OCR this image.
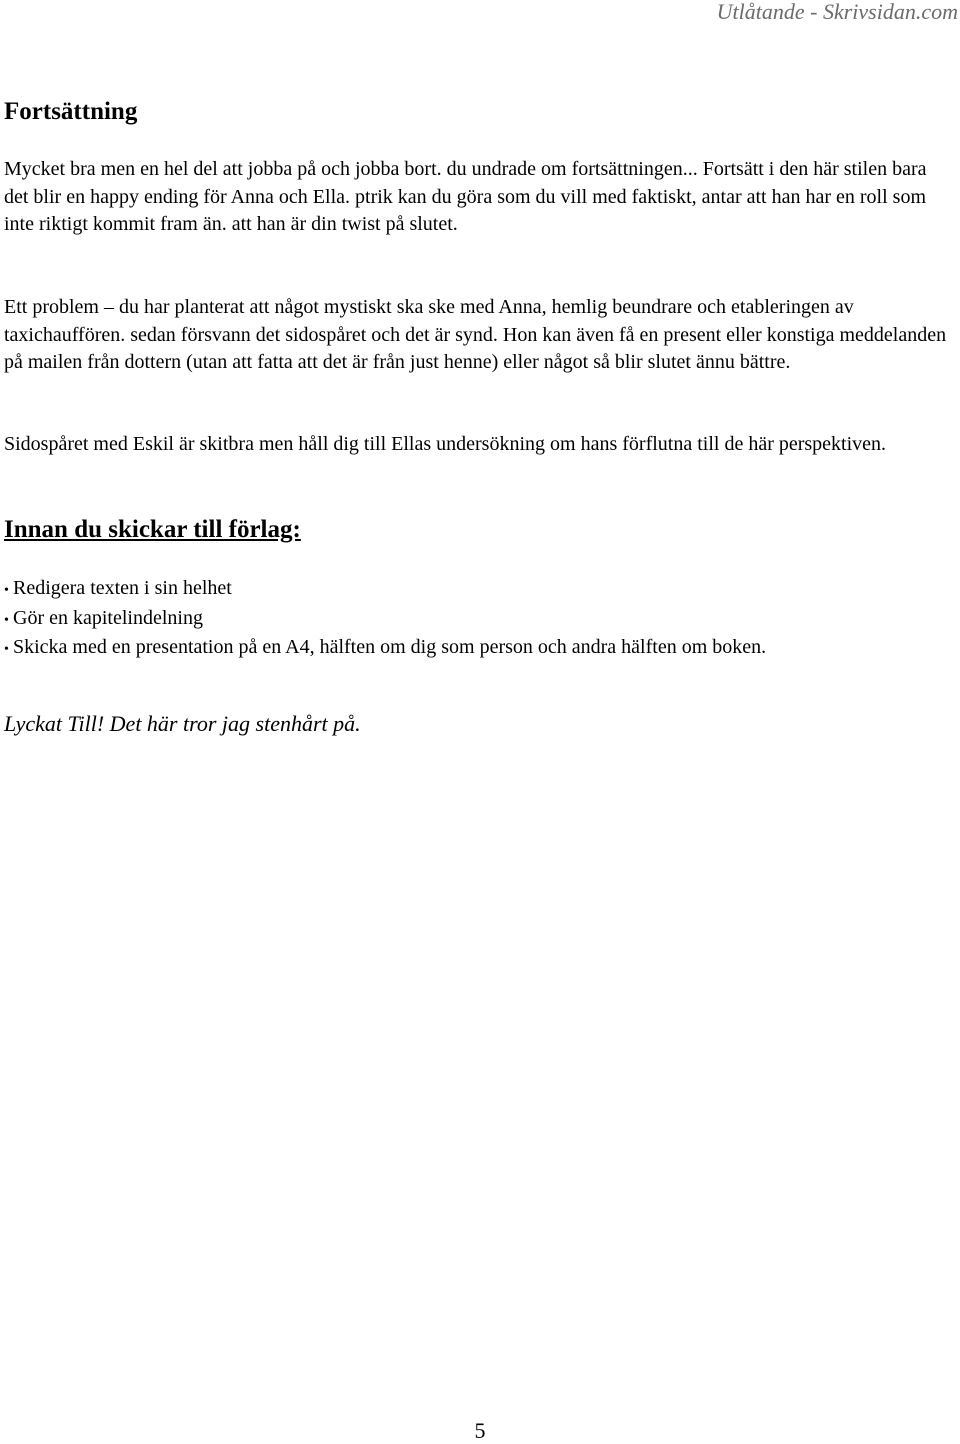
Utlåtande - Skrivsidan.com
Fortsättning

Mycket bra men en hel del att jobba på och jobba bort. du undrade om fortsättningen... Fortsätt i den här stilen bara det blir en happy ending för Anna och Ella. ptrik kan du göra som du vill med faktiskt, antar att han har en roll som inte riktigt kommit fram än. att han är din twist på slutet.

Ett problem – du har planterat att något mystiskt ska ske med Anna, hemlig beundrare och etableringen av taxichauffören. sedan försvann det sidospåret och det är synd. Hon kan även få en present eller konstiga meddelanden på mailen från dottern (utan att fatta att det är från just henne) eller något så blir slutet ännu bättre.

Sidospåret med Eskil är skitbra men håll dig till Ellas undersökning om hans förflutna till de här perspektiven.

Innan du skickar till förlag:
• Redigera texten i sin helhet
• Gör en kapitelindelning
• Skicka med en presentation på en A4, hälften om dig som person och andra hälften om boken.

Lyckat Till! Det här tror jag stenhårt på.

5
